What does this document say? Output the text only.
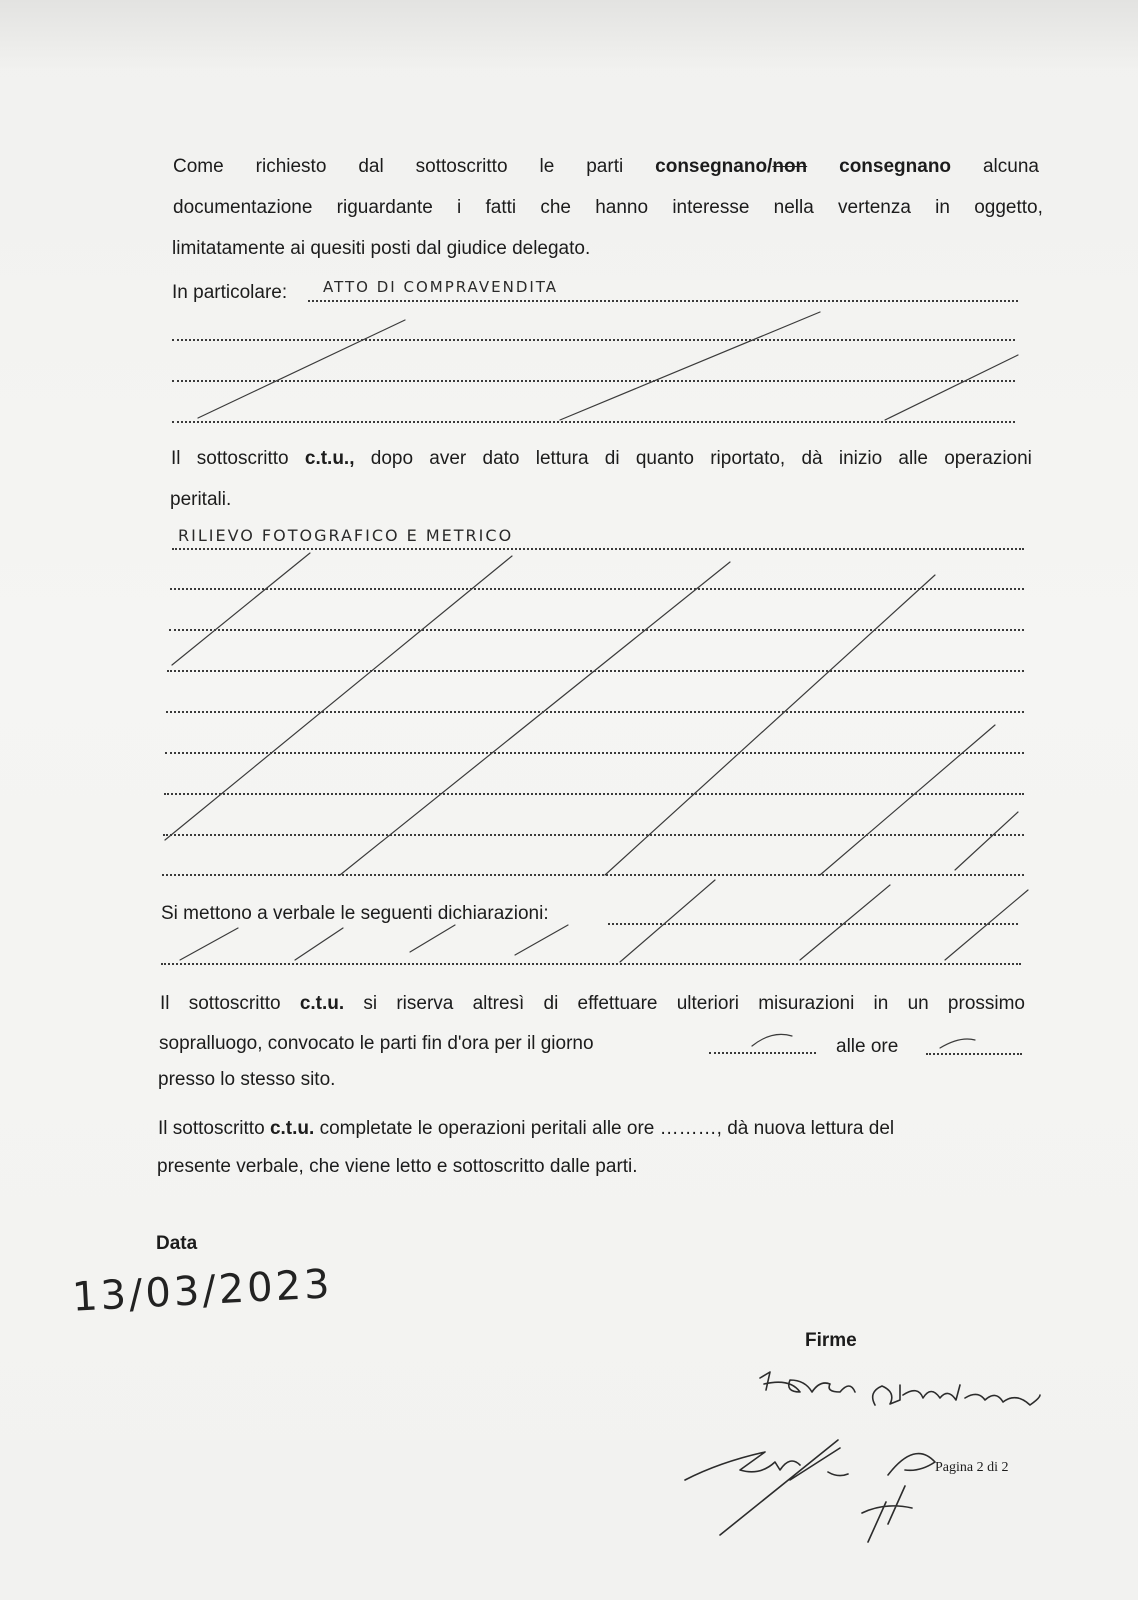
Come richiesto dal sottoscritto le parti consegnano/non consegnano alcuna
documentazione riguardante i fatti che hanno interesse nella vertenza in oggetto,
limitatamente ai quesiti posti dal giudice delegato.
In particolare: ATTO DI COMPRAVENDITA
Il sottoscritto c.t.u., dopo aver dato lettura di quanto riportato, dà inizio alle operazioni
peritali.
RILIEVO FOTOGRAFICO E METRICO
Si mettono a verbale le seguenti dichiarazioni:
Il sottoscritto c.t.u. si riserva altresì di effettuare ulteriori misurazioni in un prossimo
sopralluogo, convocato le parti fin d'ora per il giorno	alle ore
presso lo stesso sito.
Il sottoscritto c.t.u. completate le operazioni peritali alle ore ………, dà nuova lettura del
presente verbale, che viene letto e sottoscritto dalle parti.
Data
13/03/2023
Firme
Pagina 2 di 2
